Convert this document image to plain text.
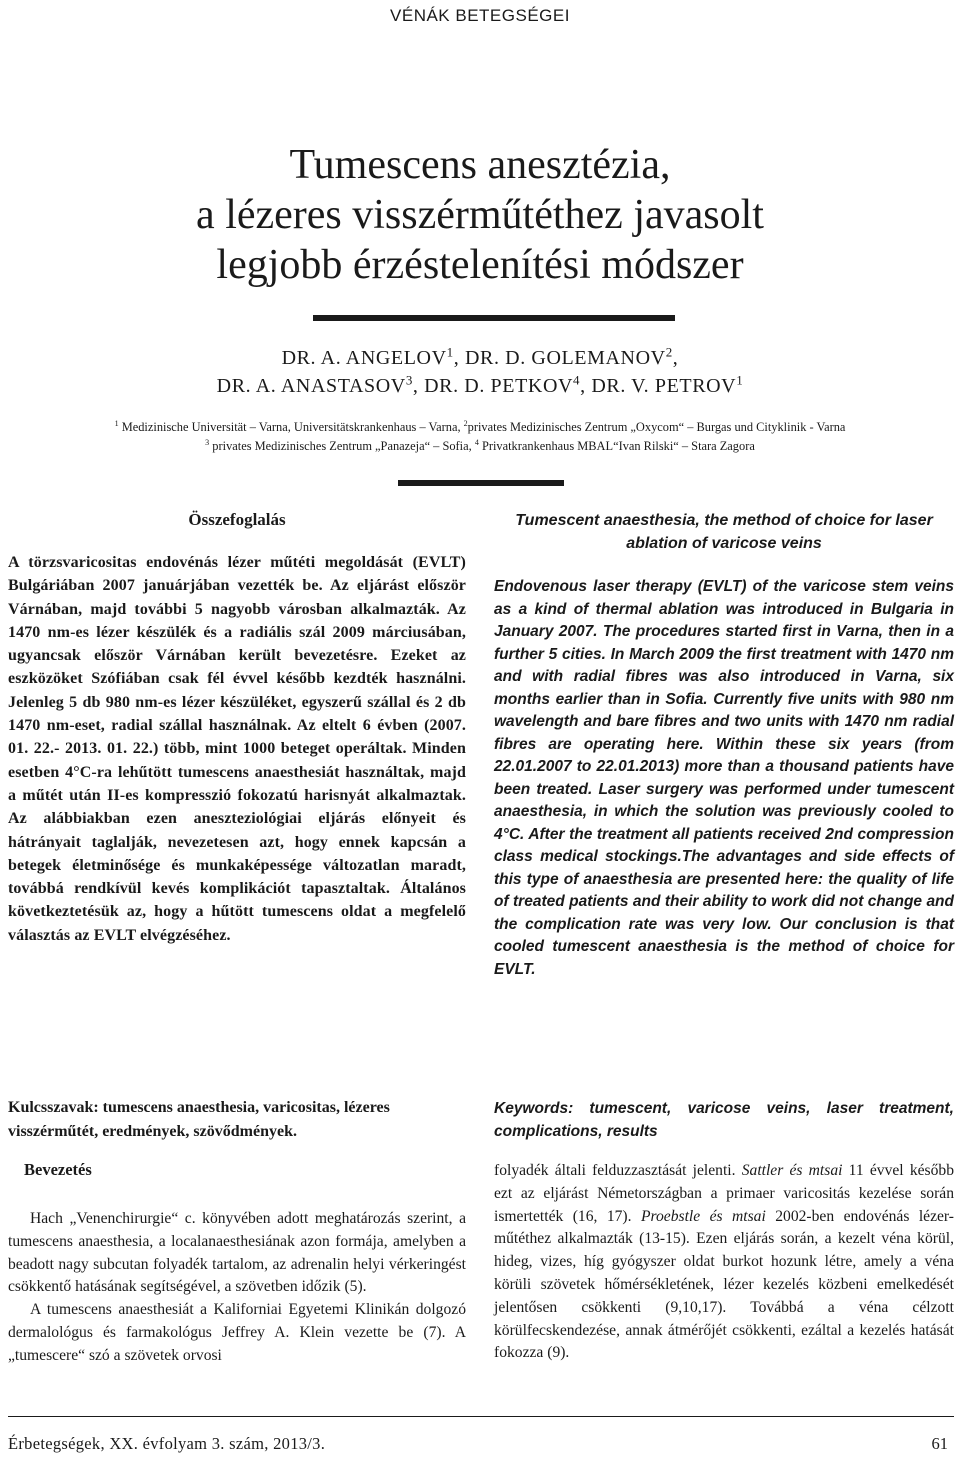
VÉNÁK BETEGSÉGEI
Tumescens anesztézia,
a lézeres visszérműtéthez javasolt
legjobb érzéstelenítési módszer
DR. A. ANGELOV$^1$, DR. D. GOLEMANOV$^2$,
DR. A. ANASTASOV$^3$, DR. D. PETKOV$^4$, DR. V. PETROV$^1$
$^1$ Medizinische Universität – Varna, Universitätskrankenhaus – Varna, $^2$privates Medizinisches Zentrum „Oxycom“ – Burgas und Cityklinik - Varna
$^3$ privates Medizinisches Zentrum „Panazeja“ – Sofia, $^4$ Privatkrankenhaus MBAL“Ivan Rilski“ – Stara Zagora
Összefoglalás
A törzsvaricositas endovénás lézer műtéti megoldását (EVLT) Bulgáriában 2007 januárjában vezették be. Az eljárást először Várnában, majd további 5 nagyobb városban alkalmazták. Az 1470 nm-es lézer készülék és a radiális szál 2009 márciusában, ugyancsak először Várnában került bevezetésre. Ezeket az eszközöket Szófiában csak fél évvel később kezdték használni. Jelenleg 5 db 980 nm-es lézer készüléket, egyszerű szállal és 2 db 1470 nm-eset, radial szállal használnak. Az eltelt 6 évben (2007. 01. 22.- 2013. 01. 22.) több, mint 1000 beteget operáltak. Minden esetben 4°C-ra lehűtött tumescens anaesthesiát használtak, majd a műtét után II-es kompresszió fokozatú harisnyát alkalmaztak. Az alábbiakban ezen aneszteziológiai eljárás előnyeit és hátrányait taglalják, nevezetesen azt, hogy ennek kapcsán a betegek életminősége és munkaképessége változatlan maradt, továbbá rendkívül kevés komplikációt tapasztaltak. Általános következtetésük az, hogy a hűtött tumescens oldat a megfelelő választás az EVLT elvégzéséhez.
Kulcsszavak: tumescens anaesthesia, varicositas, lézeres visszérműtét, eredmények, szövődmények.
Tumescent anaesthesia, the method of choice for laser ablation of varicose veins
Endovenous laser therapy (EVLT) of the varicose stem veins as a kind of thermal ablation was introduced in Bulgaria in January 2007. The procedures started first in Varna, then in a further 5 cities. In March 2009 the first treatment with 1470 nm and with radial fibres was also introduced in Varna, six months earlier than in Sofia. Currently five units with 980 nm wavelength and bare fibres and two units with 1470 nm radial fibres are operating here. Within these six years (from 22.01.2007 to 22.01.2013) more than a thousand patients have been treated. Laser surgery was performed under tumescent anaesthesia, in which the solution was previously cooled to 4°C. After the treatment all patients received 2nd compression class medical stockings.The advantages and side effects of this type of anaesthesia are presented here: the quality of life of treated patients and their ability to work did not change and the complication rate was very low. Our conclusion is that cooled tumescent anaesthesia is the method of choice for EVLT.
Keywords: tumescent, varicose veins, laser treatment, complications, results
Bevezetés

Hach „Venenchirurgie“ c. könyvében adott meghatározás szerint, a tumescens anaesthesia, a localanaesthesiának azon formája, amelyben a beadott nagy subcutan folyadék tartalom, az adrenalin helyi vérkeringést csökkentő hatásának segítségével, a szövetben időzik (5).

A tumescens anaesthesiát a Kaliforniai Egyetemi Klinikán dolgozó dermalológus és farmakológus Jeffrey A. Klein vezette be (7). A „tumescere“ szó a szövetek orvosi

folyadék általi felduzzasztását jelenti. Sattler és mtsai 11 évvel később ezt az eljárást Németországban a primaer varicositás kezelése során ismertették (16, 17). Proebstle és mtsai 2002-ben endovénás lézer-műtéthez alkalmazták (13-15). Ezen eljárás során, a kezelt véna körül, hideg, vizes, híg gyógyszer oldat burkot hozunk létre, amely a véna körüli szövetek hőmérsékletének, lézer kezelés közbeni emelkedését jelentősen csökkenti (9,10,17). Továbbá a véna célzott körülfecskendezése, annak átmérőjét csökkenti, ezáltal a kezelés hatását fokozza (9).

Érbetegségek, XX. évfolyam 3. szám, 2013/3.	61
